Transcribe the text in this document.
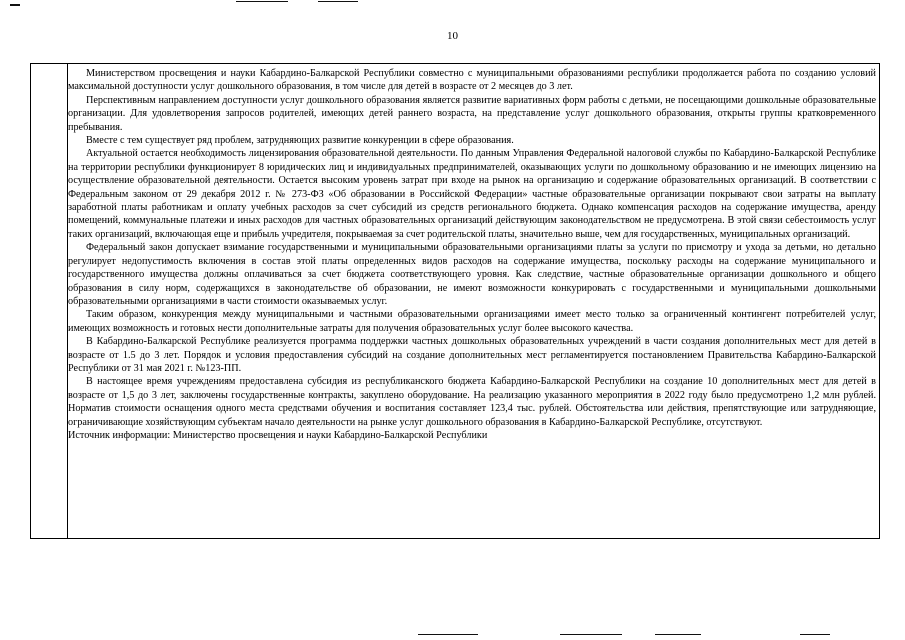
10

Министерством просвещения и науки Кабардино-Балкарской Республики совместно с муниципальными образованиями республики продолжается работа по созданию условий максимальной доступности услуг дошкольного образования, в том числе для детей в возрасте от 2 месяцев до 3 лет.

Перспективным направлением доступности услуг дошкольного образования является развитие вариативных форм работы с детьми, не посещающими дошкольные образовательные организации. Для удовлетворения запросов родителей, имеющих детей раннего возраста, на представление услуг дошкольного образования, открыты группы кратковременного пребывания.

Вместе с тем существует ряд проблем, затрудняющих развитие конкуренции в сфере образования.

Актуальной остается необходимость лицензирования образовательной деятельности. По данным Управления Федеральной налоговой службы по Кабардино-Балкарской Республике на территории республики функционирует 8 юридических лиц и индивидуальных предпринимателей, оказывающих услуги по дошкольному образованию и не имеющих лицензию на осуществление образовательной деятельности. Остается высоким уровень затрат при входе на рынок на организацию и содержание образовательных организаций. В соответствии с Федеральным законом от 29 декабря 2012 г. № 273-ФЗ «Об образовании в Российской Федерации» частные образовательные организации покрывают свои затраты на выплату заработной платы работникам и оплату учебных расходов за счет субсидий из средств регионального бюджета. Однако компенсация расходов на содержание имущества, аренду помещений, коммунальные платежи и иных расходов для частных образовательных организаций действующим законодательством не предусмотрена. В этой связи себестоимость услуг таких организаций, включающая еще и прибыль учредителя, покрываемая за счет родительской платы, значительно выше, чем для государственных, муниципальных организаций.

Федеральный закон допускает взимание государственными и муниципальными образовательными организациями платы за услуги по присмотру и ухода за детьми, но детально регулирует недопустимость включения в состав этой платы определенных видов расходов на содержание имущества, поскольку расходы на содержание муниципального и государственного имущества должны оплачиваться за счет бюджета соответствующего уровня. Как следствие, частные образовательные организации дошкольного и общего образования в силу норм, содержащихся в законодательстве об образовании, не имеют возможности конкурировать с государственными и муниципальными дошкольными образовательными организациями в части стоимости оказываемых услуг.

Таким образом, конкуренция между муниципальными и частными образовательными организациями имеет место только за ограниченный контингент потребителей услуг, имеющих возможность и готовых нести дополнительные затраты для получения образовательных услуг более высокого качества.

В Кабардино-Балкарской Республике реализуется программа поддержки частных дошкольных образовательных учреждений в части создания дополнительных мест для детей в возрасте от 1.5 до 3 лет. Порядок и условия предоставления субсидий на создание дополнительных мест регламентируется постановлением Правительства Кабардино-Балкарской Республики от 31 мая 2021 г. №123-ПП.

В настоящее время учреждениям предоставлена субсидия из республиканского бюджета Кабардино-Балкарской Республики на создание 10 дополнительных мест для детей в возрасте от 1,5 до 3 лет, заключены государственные контракты, закуплено оборудование. На реализацию указанного мероприятия в 2022 году было предусмотрено 1,2 млн рублей. Норматив стоимости оснащения одного места средствами обучения и воспитания составляет 123,4 тыс. рублей. Обстоятельства или действия, препятствующие или затрудняющие, ограничивающие хозяйствующим субъектам начало деятельности на рынке услуг дошкольного образования в Кабардино-Балкарской Республике, отсутствуют.

Источник информации: Министерство просвещения и науки Кабардино-Балкарской Республики
